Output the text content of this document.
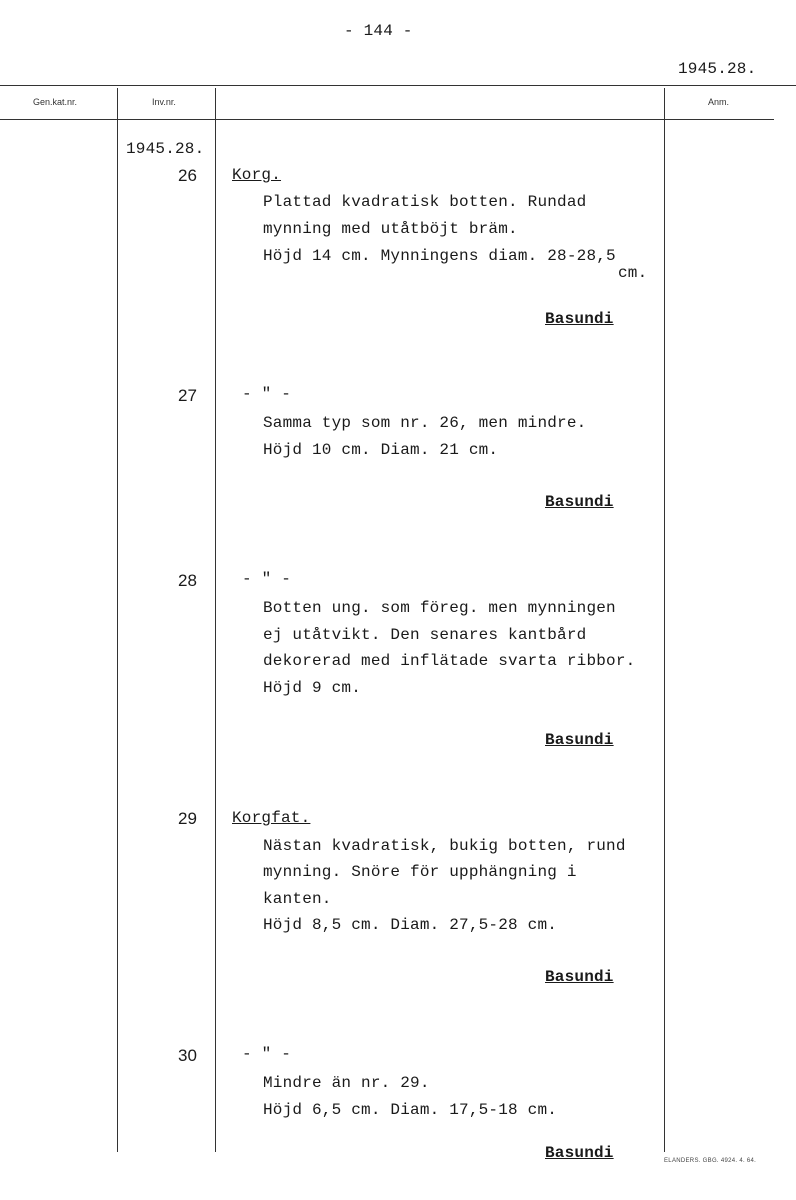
- 144 -
1945.28.
Gen.kat.nr.	Inv.nr.	Anm.
1945.28.
26 Korg.
Plattad kvadratisk botten. Rundad
mynning med utåtböjt bräm.
Höjd 14 cm. Mynningens diam. 28-28,5
cm.
Basundi
27	- " -
Samma typ som nr. 26, men mindre.
Höjd 10 cm. Diam. 21 cm.
Basundi
28	- " -
Botten ung. som föreg. men mynningen
ej utåtvikt. Den senares kantbård
dekorerad med inflätade svarta ribbor.
Höjd 9 cm.
Basundi
29 Korgfat.
Nästan kvadratisk, bukig botten, rund
mynning. Snöre för upphängning i
kanten.
Höjd 8,5 cm. Diam. 27,5-28 cm.
Basundi
30	- " -
Mindre än nr. 29.
Höjd 6,5 cm. Diam. 17,5-18 cm.
Basundi	ELANDERS. GBG. 4924. 4. 64.
